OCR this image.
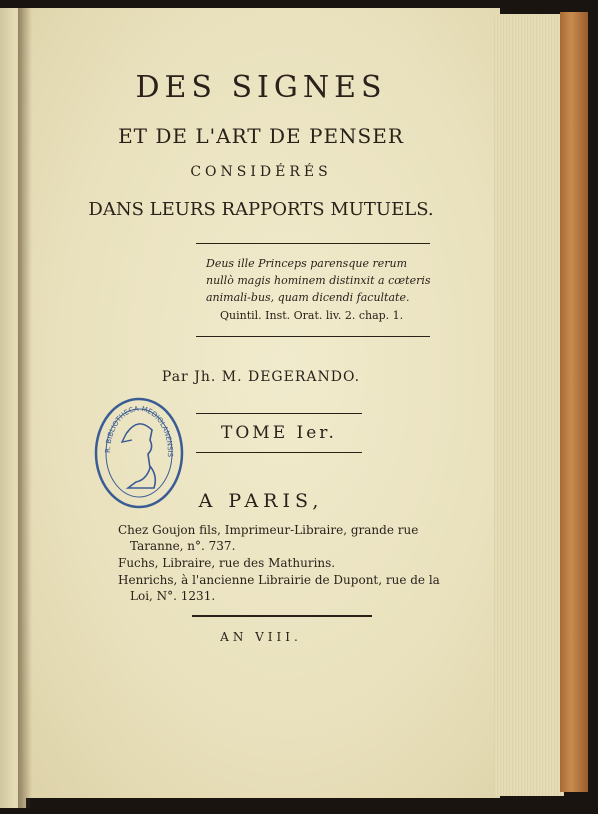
DES SIGNES
ET DE L'ART DE PENSER
CONSIDÉRÉS
DANS LEURS RAPPORTS MUTUELS.
Deus ille Princeps parensque rerum nullò magis hominem distinxit a cœteris animali-bus, quam dicendi facultate.
Quintil. Inst. Orat. liv. 2. chap. 1.
Par Jh. M. DEGERANDO.
TOME Ier.
R. BIBLIOTHECA MEDIOLANENSIS
A PARIS,
Chez Goujon fils, Imprimeur-Libraire, grande rue Taranne, n°. 737.
Fuchs, Libraire, rue des Mathurins.
Henrichs, à l'ancienne Librairie de Dupont, rue de la Loi, N°. 1231.
AN VIII.
